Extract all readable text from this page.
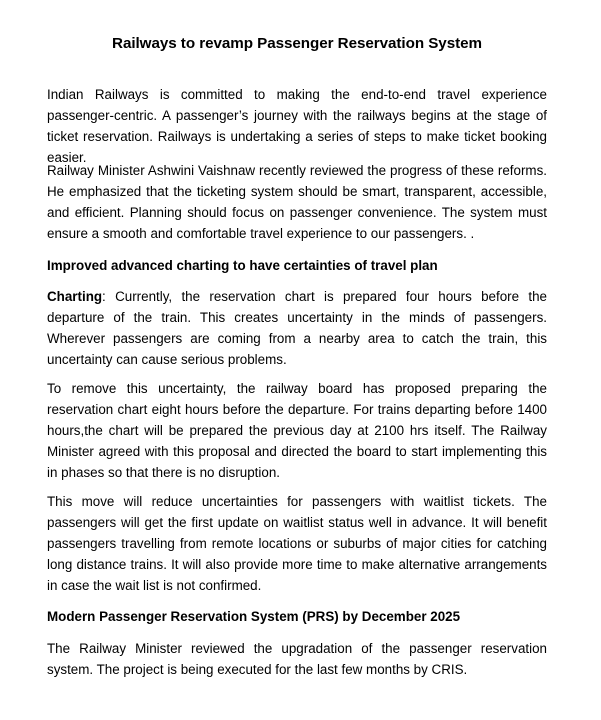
Railways to revamp Passenger Reservation System

Indian Railways is committed to making the end-to-end travel experience passenger-centric. A passenger’s journey with the railways begins at the stage of ticket reservation. Railways is undertaking a series of steps to make ticket booking easier.

Railway Minister Ashwini Vaishnaw recently reviewed the progress of these reforms. He emphasized that the ticketing system should be smart, transparent, accessible, and efficient. Planning should focus on passenger convenience. The system must ensure a smooth and comfortable travel experience to our passengers. .

Improved advanced charting to have certainties of travel plan

Charting: Currently, the reservation chart is prepared four hours before the departure of the train. This creates uncertainty in the minds of passengers. Wherever passengers are coming from a nearby area to catch the train, this uncertainty can cause serious problems.

To remove this uncertainty, the railway board has proposed preparing the reservation chart eight hours before the departure. For trains departing before 1400 hours,the chart will be prepared the previous day at 2100 hrs itself. The Railway Minister agreed with this proposal and directed the board to start implementing this in phases so that there is no disruption.

This move will reduce uncertainties for passengers with waitlist tickets. The passengers will get the first update on waitlist status well in advance. It will benefit passengers travelling from remote locations or suburbs of major cities for catching long distance trains. It will also provide more time to make alternative arrangements in case the wait list is not confirmed.

Modern Passenger Reservation System (PRS) by December 2025

The Railway Minister reviewed the upgradation of the passenger reservation system. The project is being executed for the last few months by CRIS.
